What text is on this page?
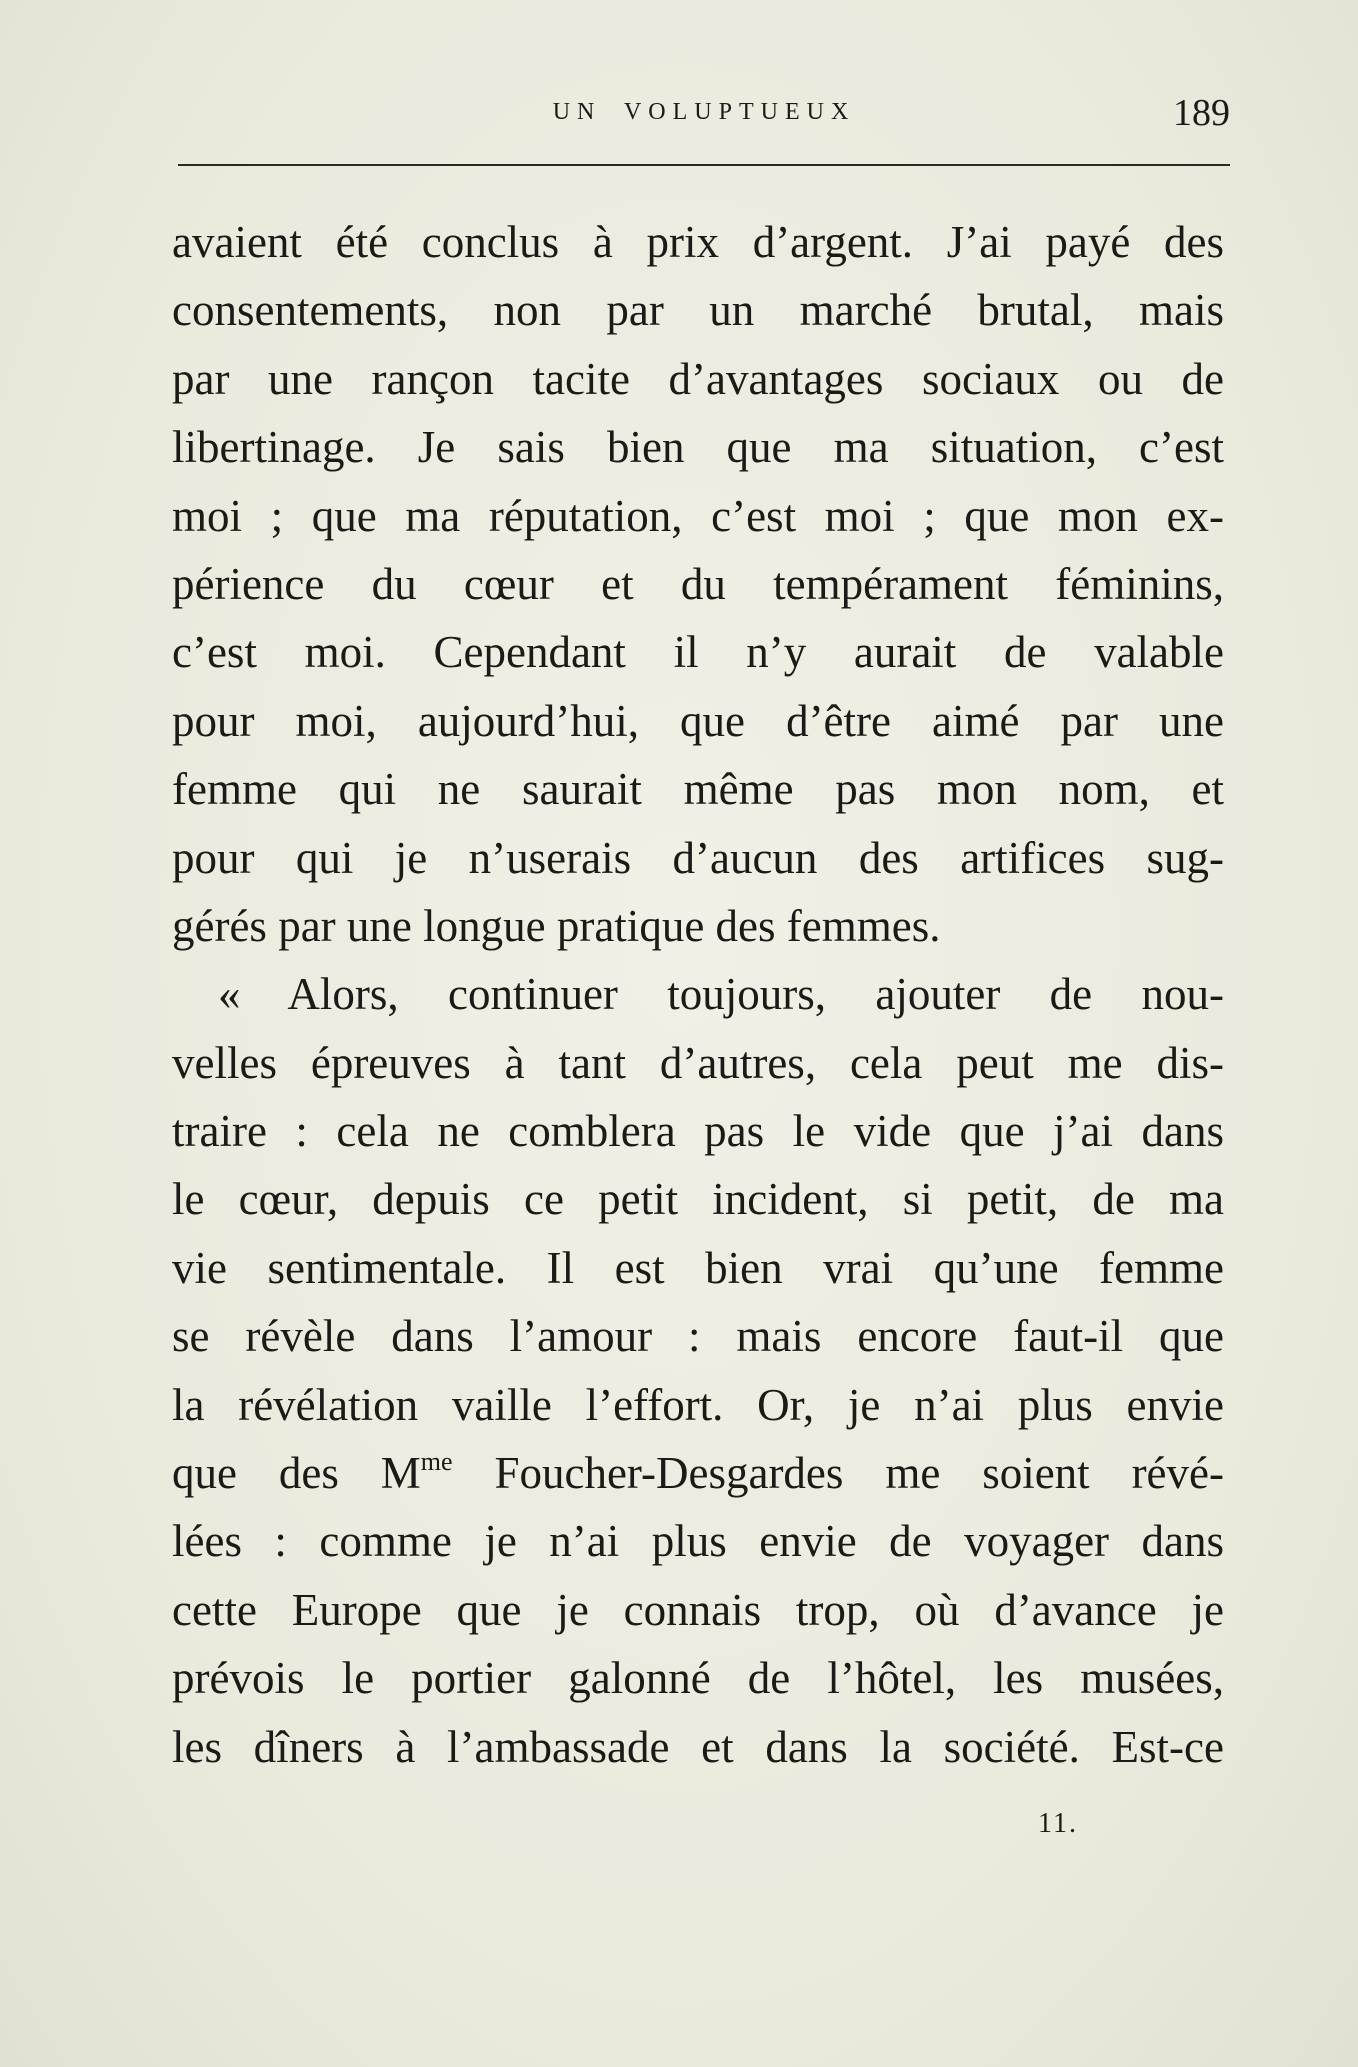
UN VOLUPTUEUX	189
avaient été conclus à prix d’argent. J’ai payé des
consentements, non par un marché brutal, mais
par une rançon tacite d’avantages sociaux ou de
libertinage. Je sais bien que ma situation, c’est
moi ; que ma réputation, c’est moi ; que mon ex-
périence du cœur et du tempérament féminins,
c’est moi. Cependant il n’y aurait de valable
pour moi, aujourd’hui, que d’être aimé par une
femme qui ne saurait même pas mon nom, et
pour qui je n’userais d’aucun des artifices sug-
gérés par une longue pratique des femmes.
« Alors, continuer toujours, ajouter de nou-
velles épreuves à tant d’autres, cela peut me dis-
traire : cela ne comblera pas le vide que j’ai dans
le cœur, depuis ce petit incident, si petit, de ma
vie sentimentale. Il est bien vrai qu’une femme
se révèle dans l’amour : mais encore faut-il que
la révélation vaille l’effort. Or, je n’ai plus envie
que des $M^{me}$ Foucher-Desgardes me soient révé-
lées : comme je n’ai plus envie de voyager dans
cette Europe que je connais trop, où d’avance je
prévois le portier galonné de l’hôtel, les musées,
les dîners à l’ambassade et dans la société. Est-ce
11.
